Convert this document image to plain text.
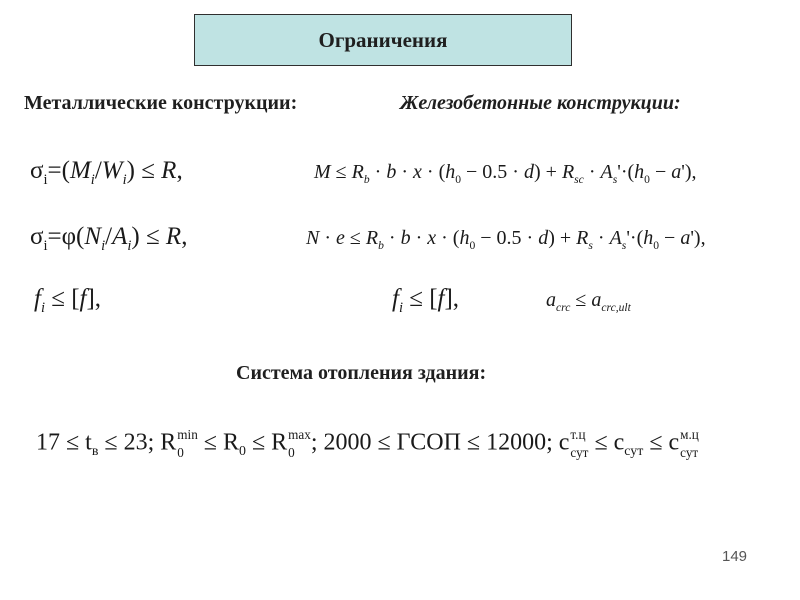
Ограничения
Металлические конструкции:	Железобетонные конструкции:
$\sigma_i=(M_i/W_i) \le R$,
$\sigma_i=\varphi(N_i/A_i) \le R$,
$f_i \le [f]$,
$M \le R_b \cdot b \cdot x \cdot (h_0 - 0.5 \cdot d) + R_{sc} \cdot A_s'\cdot(h_0 - a')$,
$N \cdot e \le R_b \cdot b \cdot x \cdot (h_0 - 0.5 \cdot d) + R_s \cdot A_s'\cdot(h_0 - a')$,
$f_i \le [f]$,	$a_{crc} \le a_{crc,ult}$
Система отопления здания:
$17 \le t_в \le 23$; R min
$0 \le R_0 \le R$ max
0 ; 2000 ≤ ГСОП ≤ 12000; c т.ц
сут ≤ $c_{сут} \le c$ м.ц
сут
149
